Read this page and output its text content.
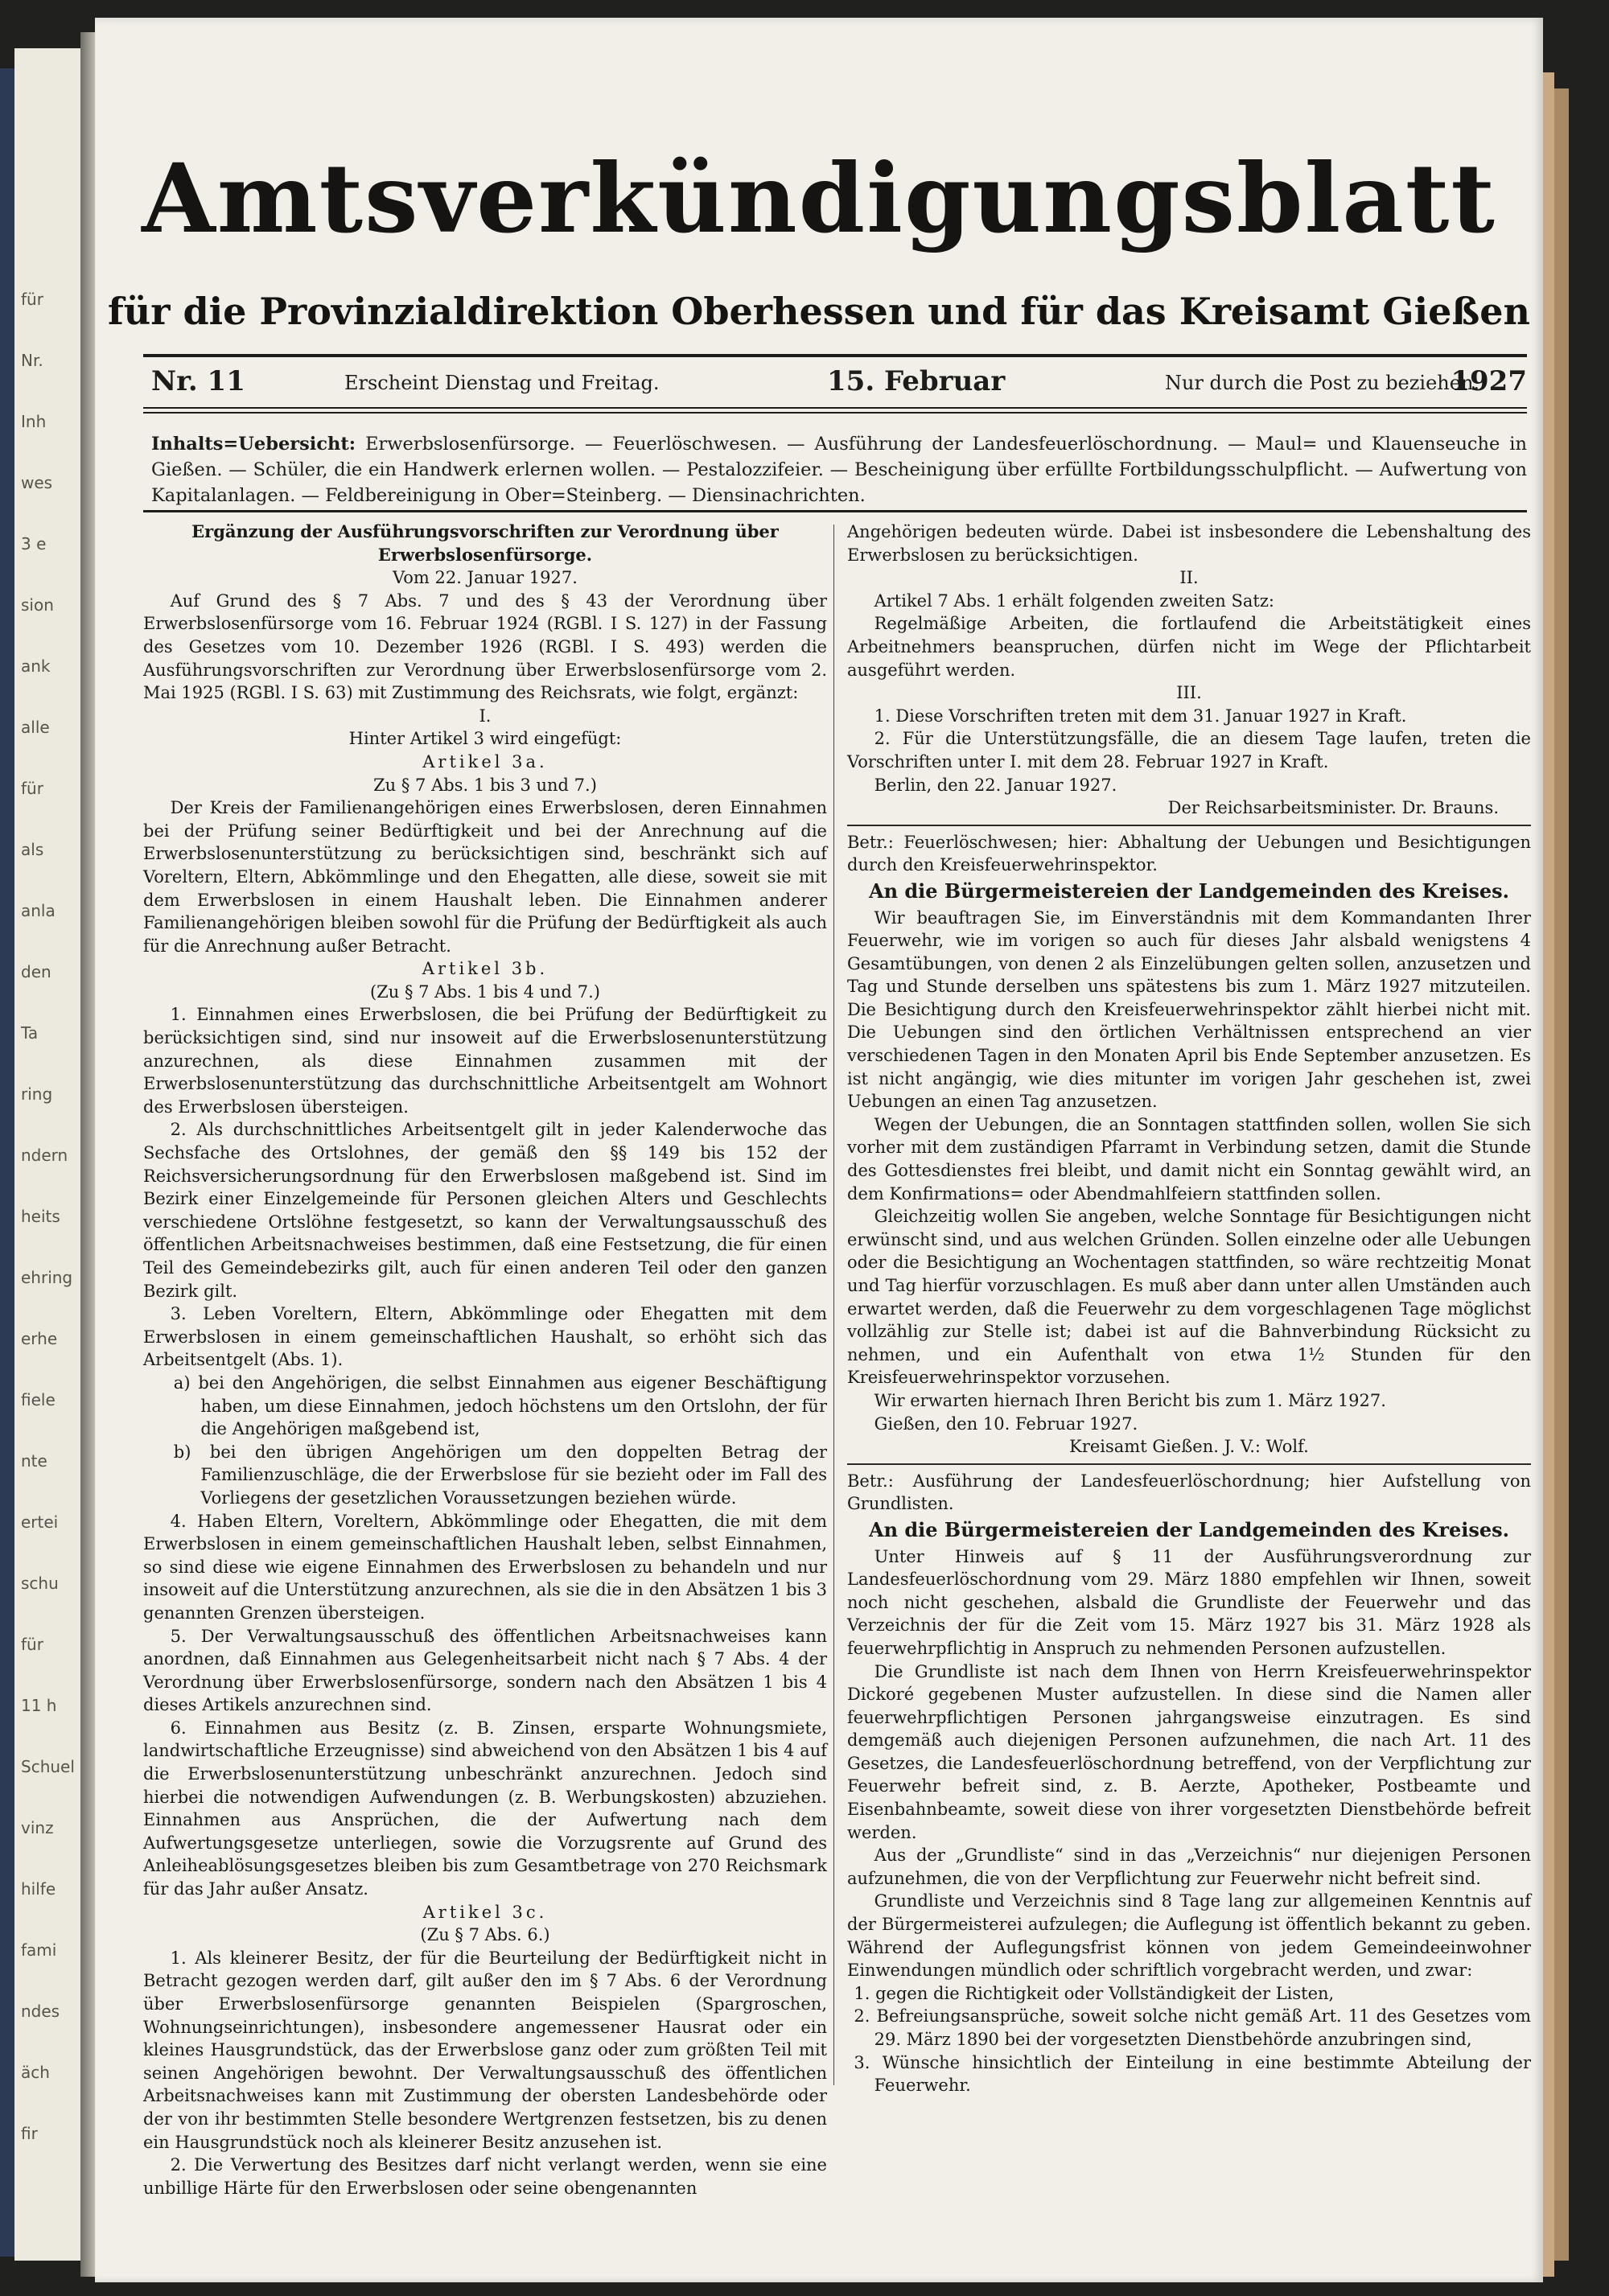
für
Nr.
Inh
wes
3 e
sion
ank
alle
für
als
anla
den
Ta
ring
ndern
heits
ehring
erhe
fiele
nte
ertei
schu
für
11 h
Schuel
vinz
hilfe
fami
ndes
äch
fir
Amtsverkündigungsblatt
für die Provinzialdirektion Oberhessen und für das Kreisamt Gießen
Nr. 11	Erscheint Dienstag und Freitag.	15. Februar	Nur durch die Post zu beziehen.
1927
Inhalts=Uebersicht: Erwerbslosenfürsorge. — Feuerlöschwesen. — Ausführung der Landesfeuerlöschordnung. — Maul= und Klauenseuche in Gießen. — Schüler, die ein Handwerk erlernen wollen. — Pestalozzifeier. — Bescheinigung über erfüllte Fortbildungsschulpflicht. — Aufwertung von Kapitalanlagen. — Feldbereinigung in Ober=Steinberg. — Diensinachrichten.

Ergänzung der Ausführungsvorschriften zur Verordnung über Erwerbslosenfürsorge.

Vom 22. Januar 1927.

Auf Grund des § 7 Abs. 7 und des § 43 der Verordnung über Erwerbslosenfürsorge vom 16. Februar 1924 (RGBl. I S. 127) in der Fassung des Gesetzes vom 10. Dezember 1926 (RGBl. I S. 493) werden die Ausführungsvorschriften zur Verordnung über Erwerbslosenfürsorge vom 2. Mai 1925 (RGBl. I S. 63) mit Zustimmung des Reichsrats, wie folgt, ergänzt:

I.

Hinter Artikel 3 wird eingefügt:

Artikel 3a.

Zu § 7 Abs. 1 bis 3 und 7.)

Der Kreis der Familienangehörigen eines Erwerbslosen, deren Einnahmen bei der Prüfung seiner Bedürftigkeit und bei der Anrechnung auf die Erwerbslosenunterstützung zu berücksichtigen sind, beschränkt sich auf Voreltern, Eltern, Abkömmlinge und den Ehegatten, alle diese, soweit sie mit dem Erwerbslosen in einem Haushalt leben. Die Einnahmen anderer Familienangehörigen bleiben sowohl für die Prüfung der Bedürftigkeit als auch für die Anrechnung außer Betracht.

Artikel 3b.

(Zu § 7 Abs. 1 bis 4 und 7.)

1. Einnahmen eines Erwerbslosen, die bei Prüfung der Bedürftigkeit zu berücksichtigen sind, sind nur insoweit auf die Erwerbslosenunterstützung anzurechnen, als diese Einnahmen zusammen mit der Erwerbslosenunterstützung das durchschnittliche Arbeitsentgelt am Wohnort des Erwerbslosen übersteigen.

2. Als durchschnittliches Arbeitsentgelt gilt in jeder Kalenderwoche das Sechsfache des Ortslohnes, der gemäß den §§ 149 bis 152 der Reichsversicherungsordnung für den Erwerbslosen maßgebend ist. Sind im Bezirk einer Einzelgemeinde für Personen gleichen Alters und Geschlechts verschiedene Ortslöhne festgesetzt, so kann der Verwaltungsausschuß des öffentlichen Arbeitsnachweises bestimmen, daß eine Festsetzung, die für einen Teil des Gemeindebezirks gilt, auch für einen anderen Teil oder den ganzen Bezirk gilt.

3. Leben Voreltern, Eltern, Abkömmlinge oder Ehegatten mit dem Erwerbslosen in einem gemeinschaftlichen Haushalt, so erhöht sich das Arbeitsentgelt (Abs. 1).

a) bei den Angehörigen, die selbst Einnahmen aus eigener Beschäftigung haben, um diese Einnahmen, jedoch höchstens um den Ortslohn, der für die Angehörigen maßgebend ist,

b) bei den übrigen Angehörigen um den doppelten Betrag der Familienzuschläge, die der Erwerbslose für sie bezieht oder im Fall des Vorliegens der gesetzlichen Voraussetzungen beziehen würde.

4. Haben Eltern, Voreltern, Abkömmlinge oder Ehegatten, die mit dem Erwerbslosen in einem gemeinschaftlichen Haushalt leben, selbst Einnahmen, so sind diese wie eigene Einnahmen des Erwerbslosen zu behandeln und nur insoweit auf die Unterstützung anzurechnen, als sie die in den Absätzen 1 bis 3 genannten Grenzen übersteigen.

5. Der Verwaltungsausschuß des öffentlichen Arbeitsnachweises kann anordnen, daß Einnahmen aus Gelegenheitsarbeit nicht nach § 7 Abs. 4 der Verordnung über Erwerbslosenfürsorge, sondern nach den Absätzen 1 bis 4 dieses Artikels anzurechnen sind.

6. Einnahmen aus Besitz (z. B. Zinsen, ersparte Wohnungsmiete, landwirtschaftliche Erzeugnisse) sind abweichend von den Absätzen 1 bis 4 auf die Erwerbslosenunterstützung unbeschränkt anzurechnen. Jedoch sind hierbei die notwendigen Aufwendungen (z. B. Werbungskosten) abzuziehen. Einnahmen aus Ansprüchen, die der Aufwertung nach dem Aufwertungsgesetze unterliegen, sowie die Vorzugsrente auf Grund des Anleiheablösungsgesetzes bleiben bis zum Gesamtbetrage von 270 Reichsmark für das Jahr außer Ansatz.

Artikel 3c.

(Zu § 7 Abs. 6.)

1. Als kleinerer Besitz, der für die Beurteilung der Bedürftigkeit nicht in Betracht gezogen werden darf, gilt außer den im § 7 Abs. 6 der Verordnung über Erwerbslosenfürsorge genannten Beispielen (Spargroschen, Wohnungseinrichtungen), insbesondere angemessener Hausrat oder ein kleines Hausgrundstück, das der Erwerbslose ganz oder zum größten Teil mit seinen Angehörigen bewohnt. Der Verwaltungsausschuß des öffentlichen Arbeitsnachweises kann mit Zustimmung der obersten Landesbehörde oder der von ihr bestimmten Stelle besondere Wertgrenzen festsetzen, bis zu denen ein Hausgrundstück noch als kleinerer Besitz anzusehen ist.

2. Die Verwertung des Besitzes darf nicht verlangt werden, wenn sie eine unbillige Härte für den Erwerbslosen oder seine obengenannten

Angehörigen bedeuten würde. Dabei ist insbesondere die Lebenshaltung des Erwerbslosen zu berücksichtigen.

II.

Artikel 7 Abs. 1 erhält folgenden zweiten Satz:

Regelmäßige Arbeiten, die fortlaufend die Arbeitstätigkeit eines Arbeitnehmers beanspruchen, dürfen nicht im Wege der Pflichtarbeit ausgeführt werden.

III.

1. Diese Vorschriften treten mit dem 31. Januar 1927 in Kraft.

2. Für die Unterstützungsfälle, die an diesem Tage laufen, treten die Vorschriften unter I. mit dem 28. Februar 1927 in Kraft.

Berlin, den 22. Januar 1927.

Der Reichsarbeitsminister. Dr. Brauns.

Betr.: Feuerlöschwesen; hier: Abhaltung der Uebungen und Besichtigungen durch den Kreisfeuerwehrinspektor.

An die Bürgermeistereien der Landgemeinden des Kreises.

Wir beauftragen Sie, im Einverständnis mit dem Kommandanten Ihrer Feuerwehr, wie im vorigen so auch für dieses Jahr alsbald wenigstens 4 Gesamtübungen, von denen 2 als Einzelübungen gelten sollen, anzusetzen und Tag und Stunde derselben uns spätestens bis zum 1. März 1927 mitzuteilen. Die Besichtigung durch den Kreisfeuerwehrinspektor zählt hierbei nicht mit. Die Uebungen sind den örtlichen Verhältnissen entsprechend an vier verschiedenen Tagen in den Monaten April bis Ende September anzusetzen. Es ist nicht angängig, wie dies mitunter im vorigen Jahr geschehen ist, zwei Uebungen an einen Tag anzusetzen.

Wegen der Uebungen, die an Sonntagen stattfinden sollen, wollen Sie sich vorher mit dem zuständigen Pfarramt in Verbindung setzen, damit die Stunde des Gottesdienstes frei bleibt, und damit nicht ein Sonntag gewählt wird, an dem Konfirmations= oder Abendmahlfeiern stattfinden sollen.

Gleichzeitig wollen Sie angeben, welche Sonntage für Besichtigungen nicht erwünscht sind, und aus welchen Gründen. Sollen einzelne oder alle Uebungen oder die Besichtigung an Wochentagen stattfinden, so wäre rechtzeitig Monat und Tag hierfür vorzuschlagen. Es muß aber dann unter allen Umständen auch erwartet werden, daß die Feuerwehr zu dem vorgeschlagenen Tage möglichst vollzählig zur Stelle ist; dabei ist auf die Bahnverbindung Rücksicht zu nehmen, und ein Aufenthalt von etwa 1½ Stunden für den Kreisfeuerwehrinspektor vorzusehen.

Wir erwarten hiernach Ihren Bericht bis zum 1. März 1927.

Gießen, den 10. Februar 1927.

Kreisamt Gießen. J. V.: Wolf.

Betr.: Ausführung der Landesfeuerlöschordnung; hier Aufstellung von Grundlisten.

An die Bürgermeistereien der Landgemeinden des Kreises.

Unter Hinweis auf § 11 der Ausführungsverordnung zur Landesfeuerlöschordnung vom 29. März 1880 empfehlen wir Ihnen, soweit noch nicht geschehen, alsbald die Grundliste der Feuerwehr und das Verzeichnis der für die Zeit vom 15. März 1927 bis 31. März 1928 als feuerwehrpflichtig in Anspruch zu nehmenden Personen aufzustellen.

Die Grundliste ist nach dem Ihnen von Herrn Kreisfeuerwehrinspektor Dickoré gegebenen Muster aufzustellen. In diese sind die Namen aller feuerwehrpflichtigen Personen jahrgangsweise einzutragen. Es sind demgemäß auch diejenigen Personen aufzunehmen, die nach Art. 11 des Gesetzes, die Landesfeuerlöschordnung betreffend, von der Verpflichtung zur Feuerwehr befreit sind, z. B. Aerzte, Apotheker, Postbeamte und Eisenbahnbeamte, soweit diese von ihrer vorgesetzten Dienstbehörde befreit werden.

Aus der „Grundliste“ sind in das „Verzeichnis“ nur diejenigen Personen aufzunehmen, die von der Verpflichtung zur Feuerwehr nicht befreit sind.

Grundliste und Verzeichnis sind 8 Tage lang zur allgemeinen Kenntnis auf der Bürgermeisterei aufzulegen; die Auflegung ist öffentlich bekannt zu geben. Während der Auflegungsfrist können von jedem Gemeindeeinwohner Einwendungen mündlich oder schriftlich vorgebracht werden, und zwar:

1. gegen die Richtigkeit oder Vollständigkeit der Listen,

2. Befreiungsansprüche, soweit solche nicht gemäß Art. 11 des Gesetzes vom 29. März 1890 bei der vorgesetzten Dienstbehörde anzubringen sind,

3. Wünsche hinsichtlich der Einteilung in eine bestimmte Abteilung der Feuerwehr.
